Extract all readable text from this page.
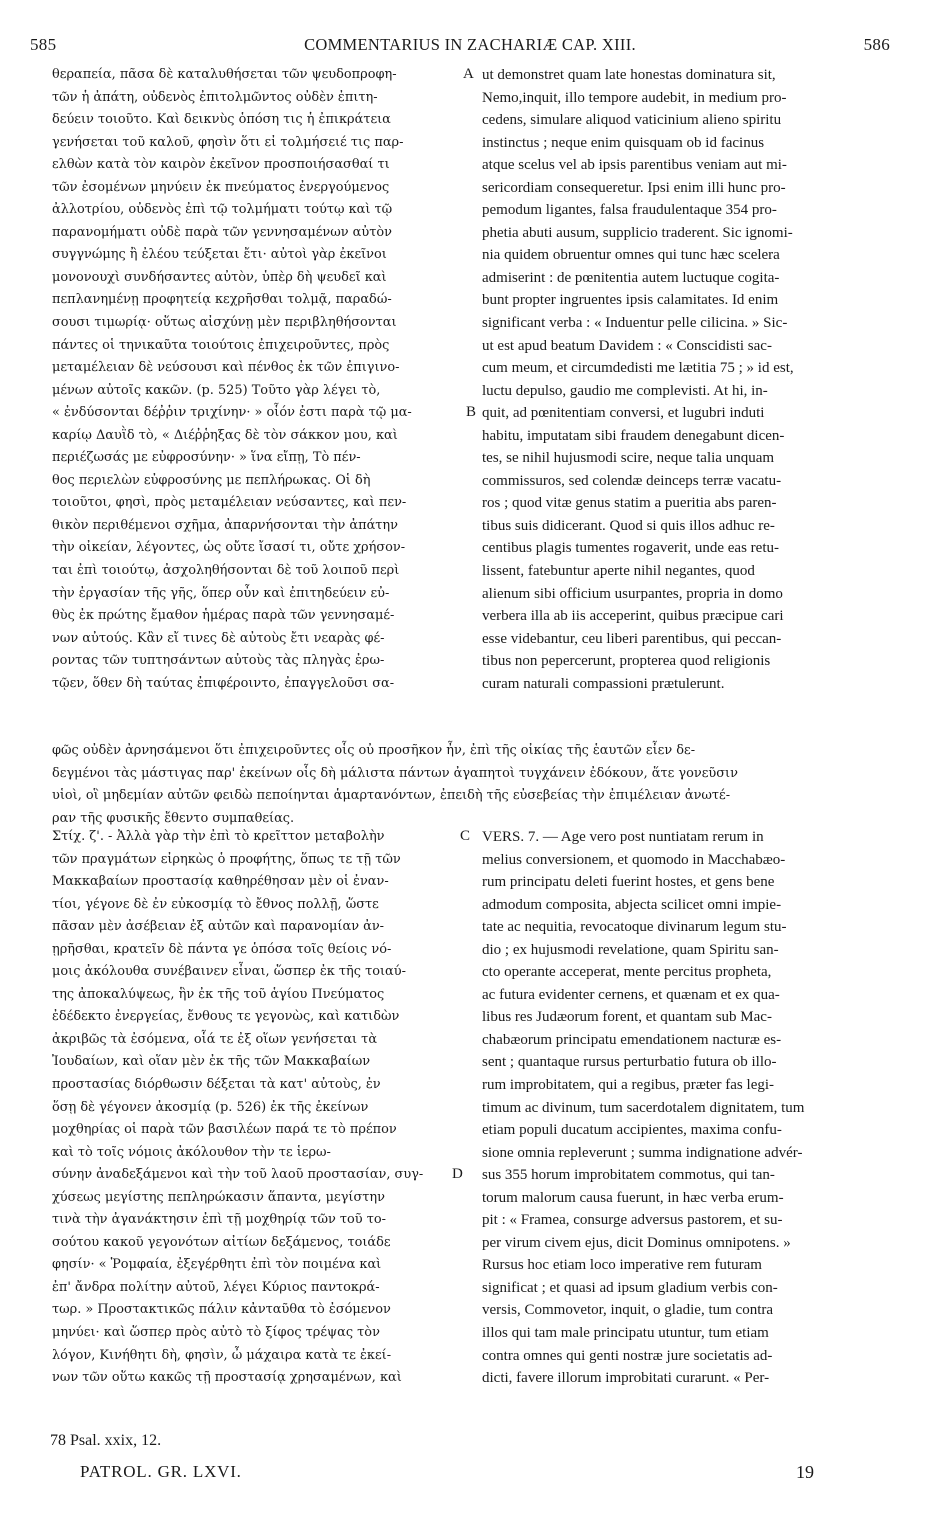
585	COMMENTARIUS IN ZACHARIÆ CAP. XIII.	586
θεραπεία, πᾶσα δὲ καταλυθήσεται τῶν ψευδοπροφη-
τῶν ἡ ἀπάτη, οὐδενὸς ἐπιτολμῶντος οὐδὲν ἐπιτη-
δεύειν τοιοῦτο. Καὶ δεικνὺς ὁπόση τις ἡ ἐπικράτεια
γενήσεται τοῦ καλοῦ, φησὶν ὅτι εἰ τολμήσειέ τις παρ-
ελθὼν κατὰ τὸν καιρὸν ἐκεῖνον προσποιήσασθαί τι
τῶν ἐσομένων μηνύειν ἐκ πνεύματος ἐνεργούμενος
ἀλλοτρίου, οὐδενὸς ἐπὶ τῷ τολμήματι τούτῳ καὶ τῷ
παρανομήματι οὐδὲ παρὰ τῶν γεννησαμένων αὐτὸν
συγγνώμης ἢ ἐλέου τεύξεται ἔτι· αὐτοὶ γὰρ ἐκεῖνοι
μονονουχὶ συνδήσαντες αὐτὸν, ὑπὲρ δὴ ψευδεῖ καὶ
πεπλανημένῃ προφητείᾳ κεχρῆσθαι τολμᾷ, παραδώ-
σουσι τιμωρίᾳ· οὕτως αἰσχύνῃ μὲν περιβληθήσονται
πάντες οἱ τηνικαῦτα τοιούτοις ἐπιχειροῦντες, πρὸς
μεταμέλειαν δὲ νεύσουσι καὶ πένθος ἐκ τῶν ἐπιγινο-
μένων αὐτοῖς κακῶν. (p. 525) Τοῦτο γὰρ λέγει τὸ,
« ἐνδύσονται δέῤῥιν τριχίνην· » οἷόν ἐστι παρὰ τῷ μα-
καρίῳ Δαυῒδ τὸ, « Διέῤῥηξας δὲ τὸν σάκκον μου, καὶ
περιέζωσάς με εὐφροσύνην· » ἵνα εἴπῃ, Τὸ πέν-
θος περιελὼν εὐφροσύνης με πεπλήρωκας. Οἱ δὴ
τοιοῦτοι, φησὶ, πρὸς μεταμέλειαν νεύσαντες, καὶ πεν-
θικὸν περιθέμενοι σχῆμα, ἀπαρνήσονται τὴν ἀπάτην
τὴν οἰκείαν, λέγοντες, ὡς οὔτε ἴσασί τι, οὔτε χρήσον-
ται ἐπὶ τοιούτῳ, ἀσχοληθήσονται δὲ τοῦ λοιποῦ περὶ
τὴν ἐργασίαν τῆς γῆς, ὅπερ οὖν καὶ ἐπιτηδεύειν εὐ-
θὺς ἐκ πρώτης ἔμαθον ἡμέρας παρὰ τῶν γεννησαμέ-
νων αὐτούς. Κἂν εἴ τινες δὲ αὐτοὺς ἔτι νεαρὰς φέ-
ροντας τῶν τυπτησάντων αὐτοὺς τὰς πληγὰς ἐρω-
τῷεν, ὅθεν δὴ ταύτας ἐπιφέροιντο, ἐπαγγελοῦσι σα-
ut demonstret quam late honestas dominatura sit,
Nemo,inquit, illo tempore audebit, in medium pro-
cedens, simulare aliquod vaticinium alieno spiritu
instinctus ; neque enim quisquam ob id facinus
atque scelus vel ab ipsis parentibus veniam aut mi-
sericordiam consequeretur. Ipsi enim illi hunc pro-
pemodum ligantes, falsa fraudulentaque 354 pro-
phetia abuti ausum, supplicio traderent. Sic ignomi-
nia quidem obruentur omnes qui tunc hæc scelera
admiserint : de pœnitentia autem luctuque cogita-
bunt propter ingruentes ipsis calamitates. Id enim
significant verba : « Induentur pelle cilicina. » Sic-
ut est apud beatum Davidem : « Conscidisti sac-
cum meum, et circumdedisti me lætitia 75 ; » id est,
luctu depulso, gaudio me complevisti. At hi, in-
quit, ad pœnitentiam conversi, et lugubri induti
habitu, imputatam sibi fraudem denegabunt dicen-
tes, se nihil hujusmodi scire, neque talia unquam
commissuros, sed colendæ deinceps terræ vacatu-
ros ; quod vitæ genus statim a pueritia abs paren-
tibus suis didicerant. Quod si quis illos adhuc re-
centibus plagis tumentes rogaverit, unde eas retu-
lissent, fatebuntur aperte nihil negantes, quod
alienum sibi officium usurpantes, propria in domo
verbera illa ab iis acceperint, quibus præcipue cari
esse videbantur, ceu liberi parentibus, qui peccan-
tibus non pepercerunt, propterea quod religionis
curam naturali compassioni prætulerunt.
φῶς οὐδὲν ἀρνησάμενοι ὅτι ἐπιχειροῦντες οἷς οὐ προσῆκον ἦν, ἐπὶ τῆς οἰκίας τῆς ἑαυτῶν εἶεν δε-
δεγμένοι τὰς μάστιγας παρ' ἐκείνων οἷς δὴ μάλιστα πάντων ἀγαπητοὶ τυγχάνειν ἐδόκουν, ἅτε γονεῦσιν
υἱοὶ, οἳ μηδεμίαν αὐτῶν φειδὼ πεποίηνται ἁμαρτανόντων, ἐπειδὴ τῆς εὐσεβείας τὴν ἐπιμέλειαν ἀνωτέ-
ραν τῆς φυσικῆς ἔθεντο συμπαθείας.
Στίχ. ζ'. - Ἀλλὰ γὰρ τὴν ἐπὶ τὸ κρεῖττον μεταβολὴν
τῶν πραγμάτων εἰρηκὼς ὁ προφήτης, ὅπως τε τῇ τῶν
Μακκαβαίων προστασίᾳ καθηρέθησαν μὲν οἱ ἐναν-
τίοι, γέγονε δὲ ἐν εὐκοσμίᾳ τὸ ἔθνος πολλῇ, ὥστε
πᾶσαν μὲν ἀσέβειαν ἐξ αὐτῶν καὶ παρανομίαν ἀν-
ῃρῆσθαι, κρατεῖν δὲ πάντα γε ὁπόσα τοῖς θείοις νό-
μοις ἀκόλουθα συνέβαινεν εἶναι, ὥσπερ ἐκ τῆς τοιαύ-
της ἀποκαλύψεως, ἣν ἐκ τῆς τοῦ ἁγίου Πνεύματος
ἐδέδεκτο ἐνεργείας, ἔνθους τε γεγονὼς, καὶ κατιδὼν
ἀκριβῶς τὰ ἐσόμενα, οἷά τε ἐξ οἵων γενήσεται τὰ
Ἰουδαίων, καὶ οἵαν μὲν ἐκ τῆς τῶν Μακκαβαίων
προστασίας διόρθωσιν δέξεται τὰ κατ' αὐτοὺς, ἐν
ὅσῃ δὲ γέγονεν ἀκοσμίᾳ (p. 526) ἐκ τῆς ἐκείνων
μοχθηρίας οἱ παρὰ τῶν βασιλέων παρά τε τὸ πρέπον
καὶ τὸ τοῖς νόμοις ἀκόλουθον τὴν τε ἱερω-
σύνην ἀναδεξάμενοι καὶ τὴν τοῦ λαοῦ προστασίαν, συγ-
χύσεως μεγίστης πεπληρώκασιν ἅπαντα, μεγίστην
τινὰ τὴν ἀγανάκτησιν ἐπὶ τῇ μοχθηρίᾳ τῶν τοῦ το-
σούτου κακοῦ γεγονότων αἰτίων δεξάμενος, τοιάδε
φησίν· « Ῥομφαία, ἐξεγέρθητι ἐπὶ τὸν ποιμένα καὶ
ἐπ' ἄνδρα πολίτην αὐτοῦ, λέγει Κύριος παντοκρά-
τωρ. » Προστακτικῶς πάλιν κἀνταῦθα τὸ ἐσόμενον
μηνύει· καὶ ὥσπερ πρὸς αὐτὸ τὸ ξίφος τρέψας τὸν
λόγον, Κινήθητι δὴ, φησὶν, ὦ μάχαιρα κατὰ τε ἐκεί-
νων τῶν οὕτω κακῶς τῇ προστασίᾳ χρησαμένων, καὶ
VERS. 7. — Age vero post nuntiatam rerum in
melius conversionem, et quomodo in Macchabæo-
rum principatu deleti fuerint hostes, et gens bene
admodum composita, abjecta scilicet omni impie-
tate ac nequitia, revocatoque divinarum legum stu-
dio ; ex hujusmodi revelatione, quam Spiritu san-
cto operante acceperat, mente percitus propheta,
ac futura evidenter cernens, et quænam et ex qua-
libus res Judæorum forent, et quantam sub Mac-
chabæorum principatu emendationem nacturæ es-
sent ; quantaque rursus perturbatio futura ob illo-
rum improbitatem, qui a regibus, præter fas legi-
timum ac divinum, tum sacerdotalem dignitatem, tum
etiam populi ducatum accipientes, maxima confu-
sione omnia repleverunt ; summa indignatione advér-
sus 355 horum improbitatem commotus, qui tan-
torum malorum causa fuerunt, in hæc verba erum-
pit : « Framea, consurge adversus pastorem, et su-
per virum civem ejus, dicit Dominus omnipotens. »
Rursus hoc etiam loco imperative rem futuram
significat ; et quasi ad ipsum gladium verbis con-
versis, Commovetor, inquit, o gladie, tum contra
illos qui tam male principatu utuntur, tum etiam
contra omnes qui genti nostræ jure societatis ad-
dicti, favere illorum improbitati curarunt. « Per-
A
B
C
D
78 Psal. xxix, 12.
PATROL. GR. LXVI.	19
